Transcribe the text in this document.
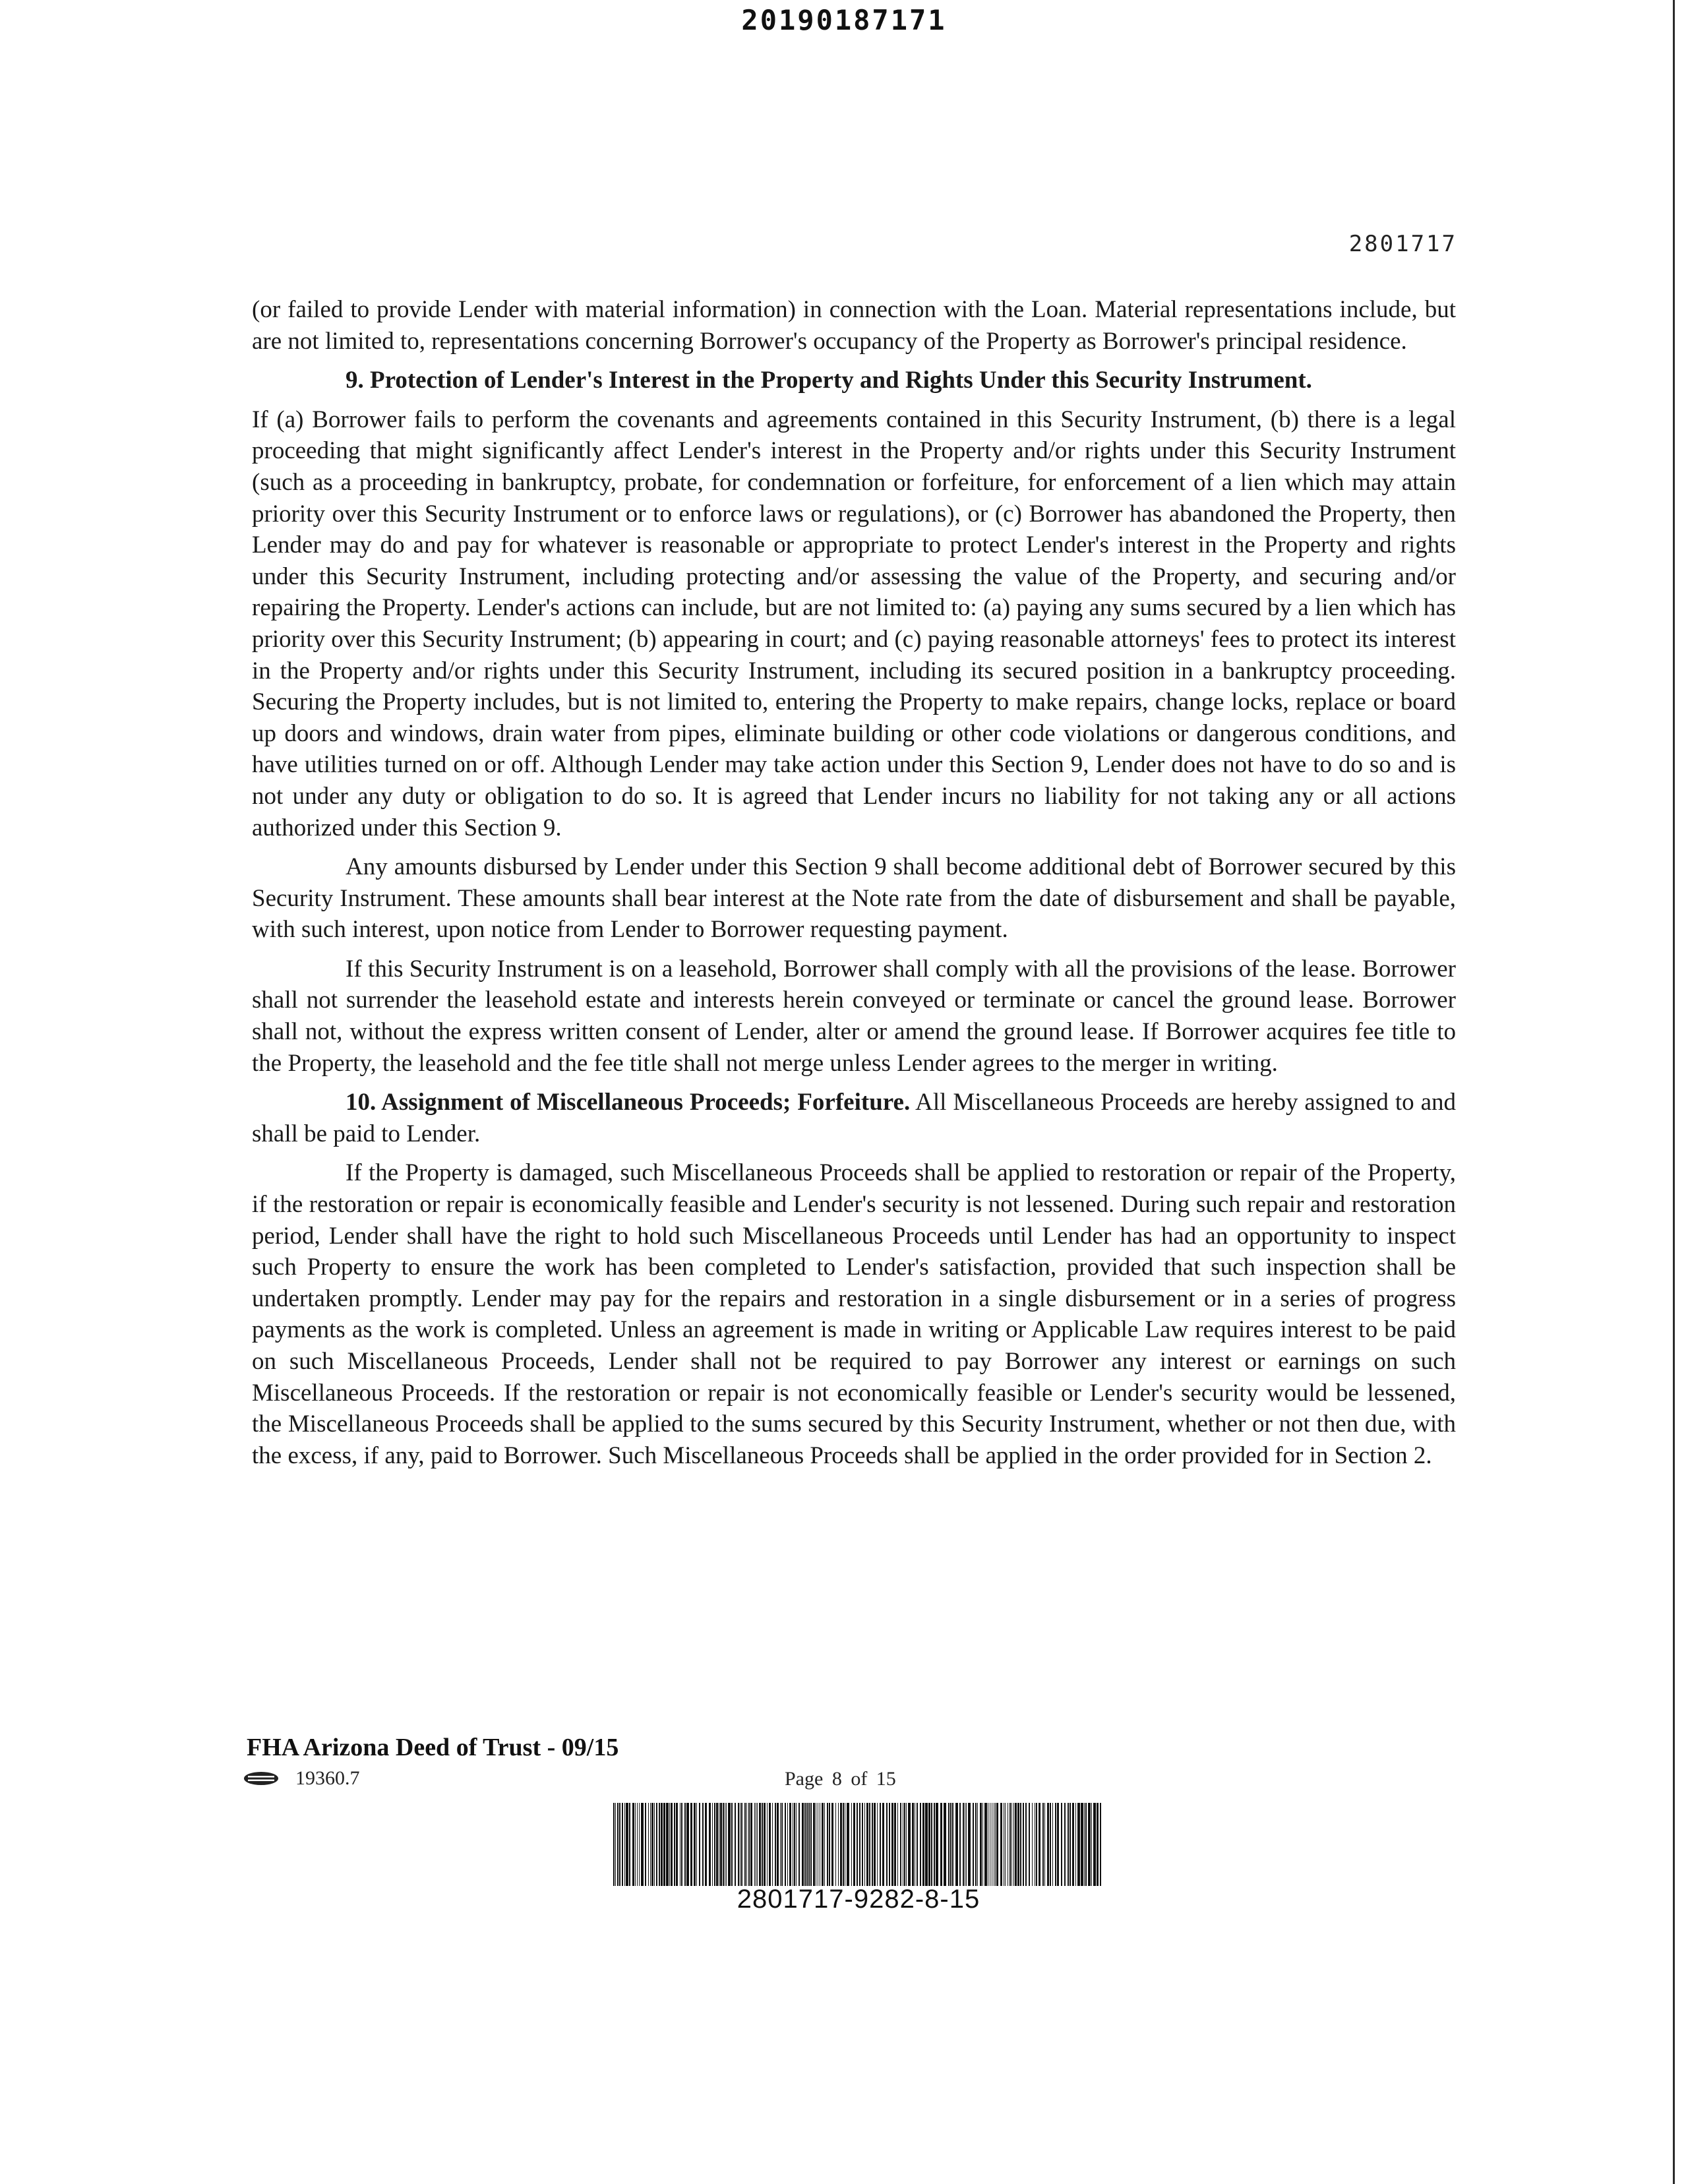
20190187171
2801717

(or failed to provide Lender with material information) in connection with the Loan. Material representations include, but are not limited to, representations concerning Borrower's occupancy of the Property as Borrower's principal residence.

9. Protection of Lender's Interest in the Property and Rights Under this Security Instrument.

If (a) Borrower fails to perform the covenants and agreements contained in this Security Instrument, (b) there is a legal proceeding that might significantly affect Lender's interest in the Property and/or rights under this Security Instrument (such as a proceeding in bankruptcy, probate, for condemnation or forfeiture, for enforcement of a lien which may attain priority over this Security Instrument or to enforce laws or regulations), or (c) Borrower has abandoned the Property, then Lender may do and pay for whatever is reasonable or appropriate to protect Lender's interest in the Property and rights under this Security Instrument, including protecting and/or assessing the value of the Property, and securing and/or repairing the Property. Lender's actions can include, but are not limited to: (a) paying any sums secured by a lien which has priority over this Security Instrument; (b) appearing in court; and (c) paying reasonable attorneys' fees to protect its interest in the Property and/or rights under this Security Instrument, including its secured position in a bankruptcy proceeding. Securing the Property includes, but is not limited to, entering the Property to make repairs, change locks, replace or board up doors and windows, drain water from pipes, eliminate building or other code violations or dangerous conditions, and have utilities turned on or off. Although Lender may take action under this Section 9, Lender does not have to do so and is not under any duty or obligation to do so. It is agreed that Lender incurs no liability for not taking any or all actions authorized under this Section 9.

Any amounts disbursed by Lender under this Section 9 shall become additional debt of Borrower secured by this Security Instrument. These amounts shall bear interest at the Note rate from the date of disbursement and shall be payable, with such interest, upon notice from Lender to Borrower requesting payment.

If this Security Instrument is on a leasehold, Borrower shall comply with all the provisions of the lease. Borrower shall not surrender the leasehold estate and interests herein conveyed or terminate or cancel the ground lease. Borrower shall not, without the express written consent of Lender, alter or amend the ground lease. If Borrower acquires fee title to the Property, the leasehold and the fee title shall not merge unless Lender agrees to the merger in writing.

10. Assignment of Miscellaneous Proceeds; Forfeiture. All Miscellaneous Proceeds are hereby assigned to and shall be paid to Lender.

If the Property is damaged, such Miscellaneous Proceeds shall be applied to restoration or repair of the Property, if the restoration or repair is economically feasible and Lender's security is not lessened. During such repair and restoration period, Lender shall have the right to hold such Miscellaneous Proceeds until Lender has had an opportunity to inspect such Property to ensure the work has been completed to Lender's satisfaction, provided that such inspection shall be undertaken promptly. Lender may pay for the repairs and restoration in a single disbursement or in a series of progress payments as the work is completed. Unless an agreement is made in writing or Applicable Law requires interest to be paid on such Miscellaneous Proceeds, Lender shall not be required to pay Borrower any interest or earnings on such Miscellaneous Proceeds. If the restoration or repair is not economically feasible or Lender's security would be lessened, the Miscellaneous Proceeds shall be applied to the sums secured by this Security Instrument, whether or not then due, with the excess, if any, paid to Borrower. Such Miscellaneous Proceeds shall be applied in the order provided for in Section 2.

FHA Arizona Deed of Trust - 09/15
19360.7	Page 8 of 15
2801717-9282-8-15
